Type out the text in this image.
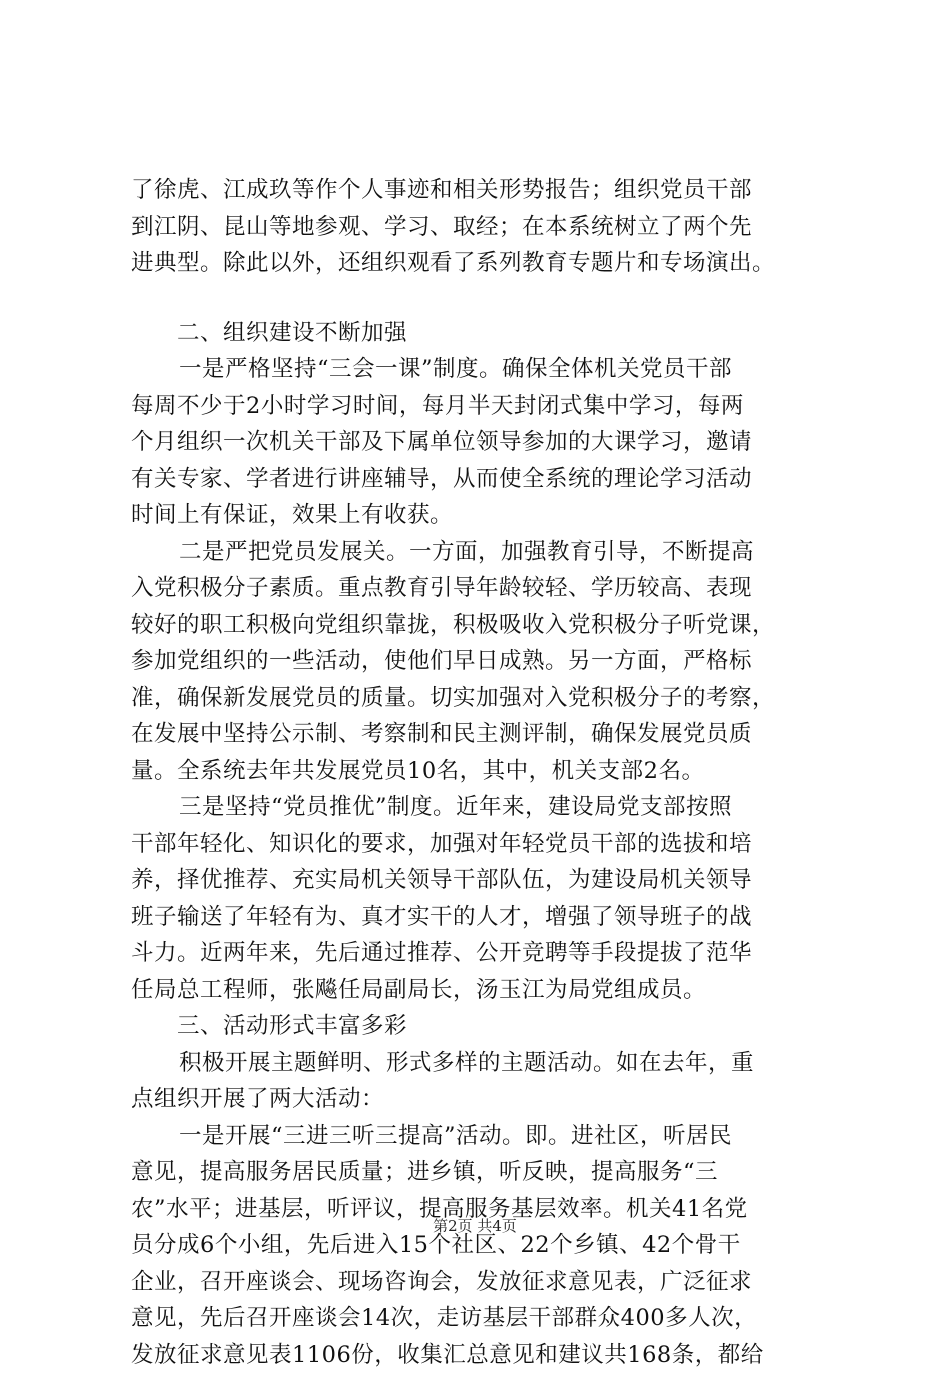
了徐虎、江成玖等作个人事迹和相关形势报告；组织党员干部
到江阴、昆山等地参观、学习、取经；在本系统树立了两个先
进典型。除此以外，还组织观看了系列教育专题片和专场演出。
二、组织建设不断加强
一是严格坚持“三会一课”制度。确保全体机关党员干部
每周不少于2小时学习时间，每月半天封闭式集中学习，每两
个月组织一次机关干部及下属单位领导参加的大课学习，邀请
有关专家、学者进行讲座辅导，从而使全系统的理论学习活动
时间上有保证，效果上有收获。
二是严把党员发展关。一方面，加强教育引导，不断提高
入党积极分子素质。重点教育引导年龄较轻、学历较高、表现
较好的职工积极向党组织靠拢，积极吸收入党积极分子听党课，
参加党组织的一些活动，使他们早日成熟。另一方面，严格标
准，确保新发展党员的质量。切实加强对入党积极分子的考察，
在发展中坚持公示制、考察制和民主测评制，确保发展党员质
量。全系统去年共发展党员10名，其中，机关支部2名。
三是坚持“党员推优”制度。近年来，建设局党支部按照
干部年轻化、知识化的要求，加强对年轻党员干部的选拔和培
养，择优推荐、充实局机关领导干部队伍，为建设局机关领导
班子输送了年轻有为、真才实干的人才，增强了领导班子的战
斗力。近两年来，先后通过推荐、公开竞聘等手段提拔了范华
任局总工程师，张飚任局副局长，汤玉江为局党组成员。
三、活动形式丰富多彩
积极开展主题鲜明、形式多样的主题活动。如在去年，重
点组织开展了两大活动：
一是开展“三进三听三提高”活动。即。进社区，听居民
意见，提高服务居民质量；进乡镇，听反映，提高服务“三
农”水平；进基层，听评议，提高服务基层效率。机关41名党
员分成6个小组，先后进入15个社区、22个乡镇、42个骨干
企业，召开座谈会、现场咨询会，发放征求意见表，广泛征求
意见，先后召开座谈会14次，走访基层干部群众400多人次，
发放征求意见表1106份，收集汇总意见和建议共168条，都给
第2页 共4页
